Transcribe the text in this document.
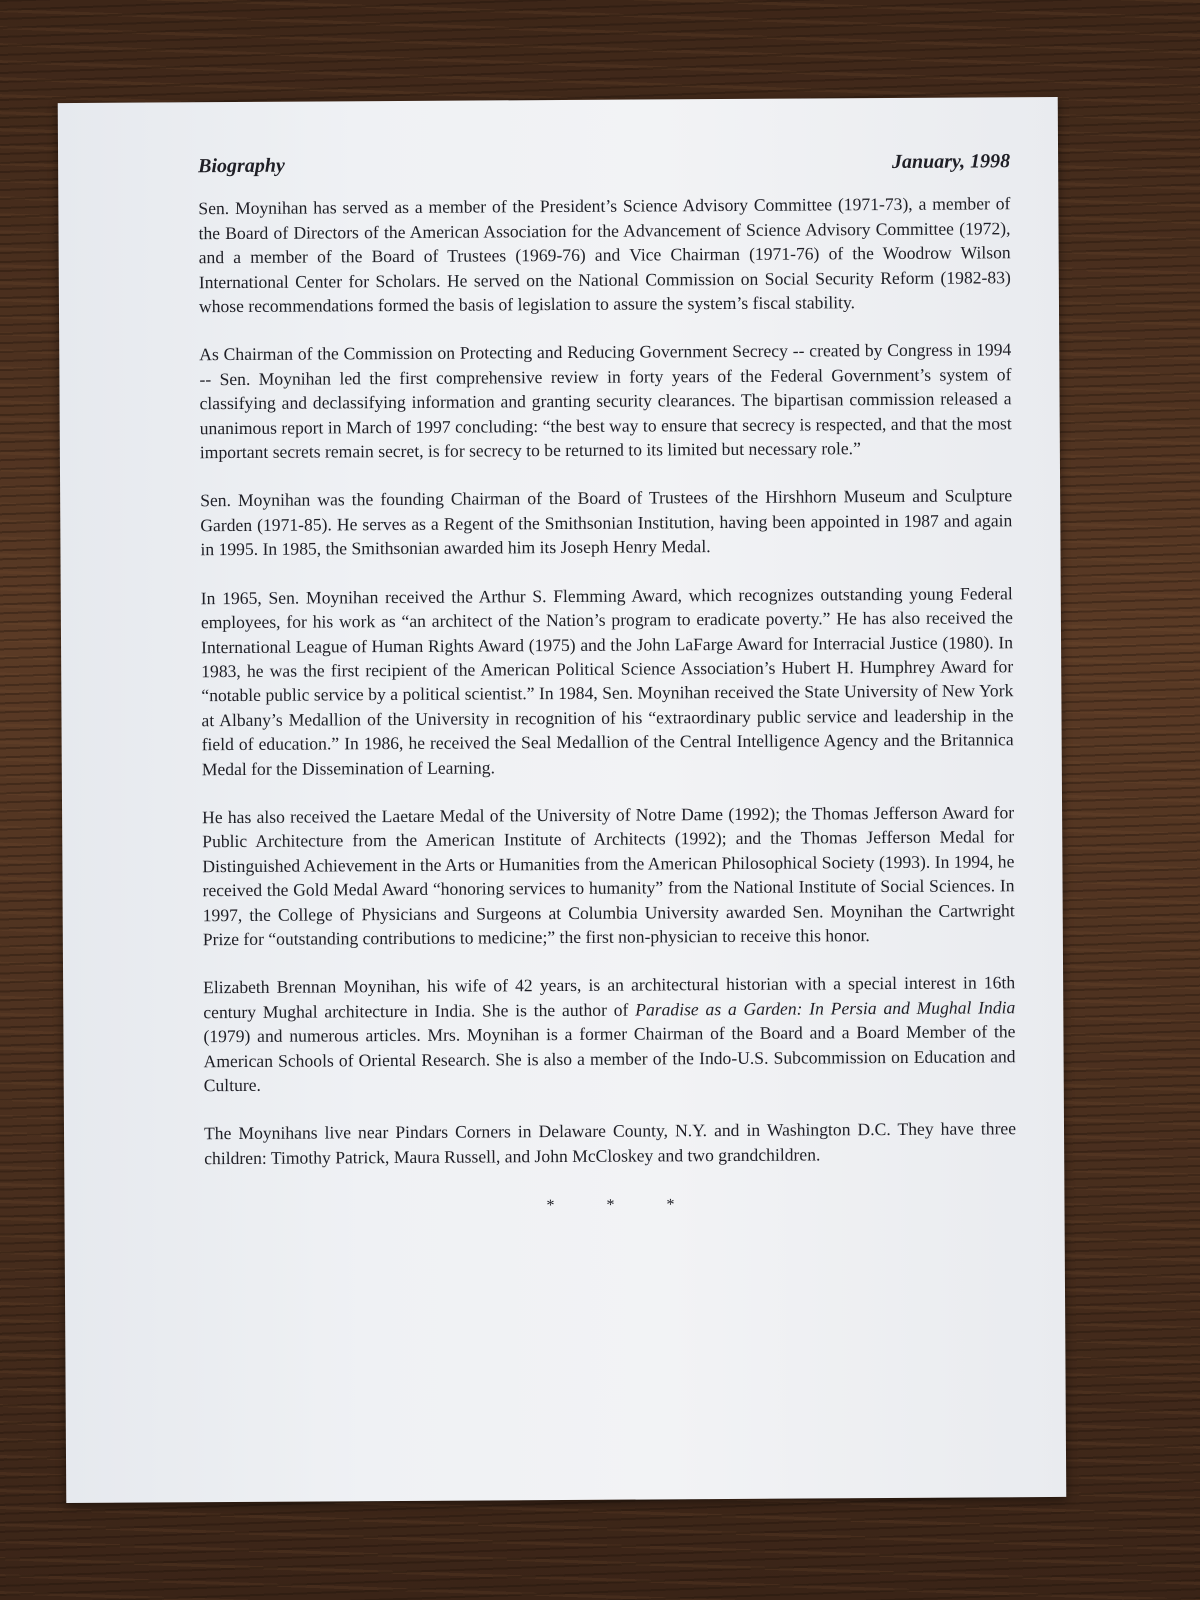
Biography	January, 1998

Sen. Moynihan has served as a member of the President’s Science Advisory Committee (1971-73), a member of the Board of Directors of the American Association for the Advancement of Science Advisory Committee (1972), and a member of the Board of Trustees (1969-76) and Vice Chairman (1971-76) of the Woodrow Wilson International Center for Scholars. He served on the National Commission on Social Security Reform (1982-83) whose recommendations formed the basis of legislation to assure the system’s fiscal stability.

As Chairman of the Commission on Protecting and Reducing Government Secrecy -- created by Congress in 1994 -- Sen. Moynihan led the first comprehensive review in forty years of the Federal Government’s system of classifying and declassifying information and granting security clearances. The bipartisan commission released a unanimous report in March of 1997 concluding: “the best way to ensure that secrecy is respected, and that the most important secrets remain secret, is for secrecy to be returned to its limited but necessary role.”

Sen. Moynihan was the founding Chairman of the Board of Trustees of the Hirshhorn Museum and Sculpture Garden (1971-85). He serves as a Regent of the Smithsonian Institution, having been appointed in 1987 and again in 1995. In 1985, the Smithsonian awarded him its Joseph Henry Medal.

In 1965, Sen. Moynihan received the Arthur S. Flemming Award, which recognizes outstanding young Federal employees, for his work as “an architect of the Nation’s program to eradicate poverty.” He has also received the International League of Human Rights Award (1975) and the John LaFarge Award for Interracial Justice (1980). In 1983, he was the first recipient of the American Political Science Association’s Hubert H. Humphrey Award for “notable public service by a political scientist.” In 1984, Sen. Moynihan received the State University of New York at Albany’s Medallion of the University in recognition of his “extraordinary public service and leadership in the field of education.” In 1986, he received the Seal Medallion of the Central Intelligence Agency and the Britannica Medal for the Dissemination of Learning.

He has also received the Laetare Medal of the University of Notre Dame (1992); the Thomas Jefferson Award for Public Architecture from the American Institute of Architects (1992); and the Thomas Jefferson Medal for Distinguished Achievement in the Arts or Humanities from the American Philosophical Society (1993). In 1994, he received the Gold Medal Award “honoring services to humanity” from the National Institute of Social Sciences. In 1997, the College of Physicians and Surgeons at Columbia University awarded Sen. Moynihan the Cartwright Prize for “outstanding contributions to medicine;” the first non-physician to receive this honor.

Elizabeth Brennan Moynihan, his wife of 42 years, is an architectural historian with a special interest in 16th century Mughal architecture in India. She is the author of Paradise as a Garden: In Persia and Mughal India (1979) and numerous articles. Mrs. Moynihan is a former Chairman of the Board and a Board Member of the American Schools of Oriental Research. She is also a member of the Indo-U.S. Subcommission on Education and Culture.

The Moynihans live near Pindars Corners in Delaware County, N.Y. and in Washington D.C. They have three children: Timothy Patrick, Maura Russell, and John McCloskey and two grandchildren.

* * *
